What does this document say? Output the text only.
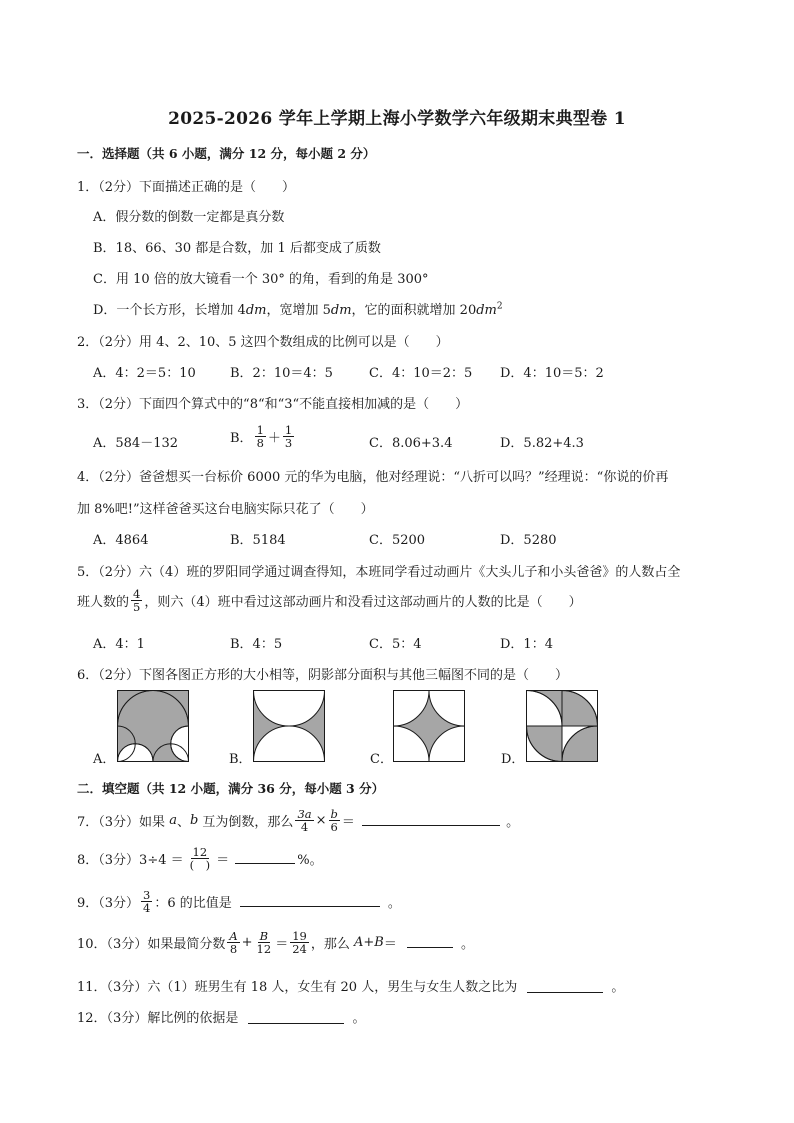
2025-2026 学年上学期上海小学数学六年级期末典型卷 1
一．选择题（共 6 小题，满分 12 分，每小题 2 分）
1．（2分）下面描述正确的是（　　）
A．假分数的倒数一定都是真分数
B．18、66、30 都是合数，加 1 后都变成了质数
C．用 10 倍的放大镜看一个 30° 的角，看到的角是 300°
D．一个长方形，长增加 4dm，宽增加 5dm，它的面积就增加 $20dm^2$
2．（2分）用 4、2、10、5 这四个数组成的比例可以是（　　）
A．4：2＝5：10	B．2：10＝4：5	C．4：10＝2：5 D．4：10＝5：2
3．（2分）下面四个算式中的“8“和“3“不能直接相加减的是（　　）
A．584－132	B． $\frac{1}{8} + \frac{1}{3}$	C．8.06+3.4	D．5.82+4.3
4．（2分）爸爸想买一台标价 6000 元的华为电脑，他对经理说：“八折可以吗？”经理说：“你说的价再
加 8%吧!”这样爸爸买这台电脑实际只花了（　　）
A．4864	B．5184	C．5200	D．5280
5．（2分）六（4）班的罗阳同学通过调查得知，本班同学看过动画片《大头儿子和小头爸爸》的人数占全
班人数的 $\frac{4}{5}$ ，则六（4）班中看过这部动画片和没看过这部动画片的人数的比是（　　）
A．4：1	B．4：5	C．5：4	D．1：4
6．（2分）下图各图正方形的大小相等，阴影部分面积与其他三幅图不同的是（　　）
A．	B．	C．	D．
二．填空题（共 12 小题，满分 36 分，每小题 3 分）
7．（3分）如果 a、b 互为倒数，那么 $\frac{3a}{4} \times \frac{b}{6}$ ＝	。
8．（3分）$3\div 4 = \frac{12}{( )}$ ＝	%。
9．（3分） $\frac{3}{4}$ ：6 的比值是	。
10．（3分）如果最简分数 $\frac{A}{8} + \frac{B}{12} = \frac{19}{24}$ ，那么 A+B＝	。
11．（3分）六（1）班男生有 18 人，女生有 20 人，男生与女生人数之比为	。
12．（3分）解比例的依据是	。
